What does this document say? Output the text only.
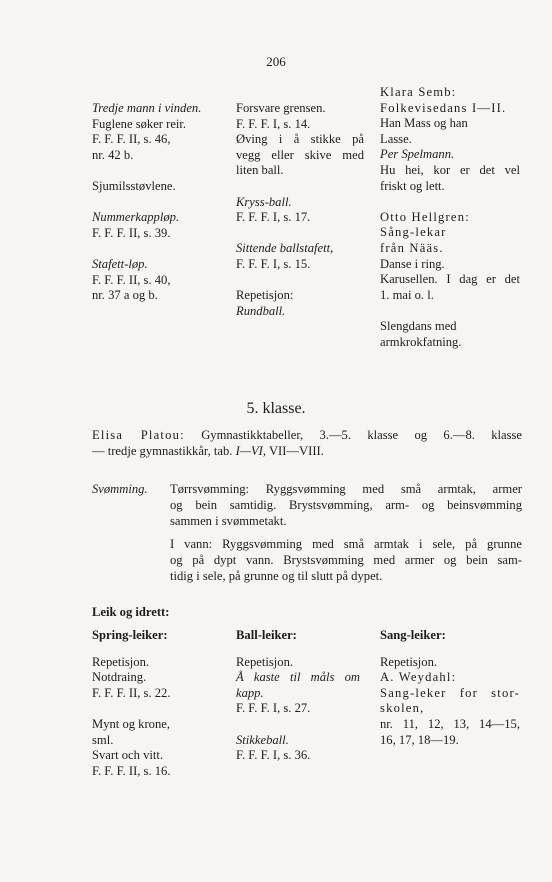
206
Tredje mann i vinden.
Fuglene søker reir.
F. F. F. II, s. 46,
nr. 42 b.
Sjumilsstøvlene.
Nummerkappløp.
F. F. F. II, s. 39.
Stafett-løp.
F. F. F. II, s. 40,
nr. 37 a og b.
Forsvare grensen.
F. F. F. I, s. 14.
Øving i å stikke på
vegg eller skive med
liten ball.
Kryss-ball.
F. F. F. I, s. 17.
Sittende ballstafett,
F. F. F. I, s. 15.
Repetisjon:
Rundball.
Klara Semb:
Folkevisedans I—II.
Han Mass og han
Lasse.
Per Spelmann.
Hu hei, kor er det vel
friskt og lett.
Otto Hellgren:
Sång-lekar
från Nääs.
Danse i ring.
Karusellen. I dag er det
1. mai o. l.
Slengdans med
armkrokfatning.
5. klasse.
Elisa Platou: Gymnastikktabeller, 3.—5. klasse og 6.—8. klasse
— tredje gymnastikkår, tab. I—VI, VII—VIII.
Svømming. Tørrsvømming: Ryggsvømming med små armtak, armer
og bein samtidig. Brystsvømming, arm- og beinsvømming
sammen i svømmetakt.
I vann: Ryggsvømming med små armtak i sele, på grunne
og på dypt vann. Brystsvømming med armer og bein sam-
tidig i sele, på grunne og til slutt på dypet.
Leik og idrett:
Spring-leiker:
Repetisjon.
Notdraing.
F. F. F. II, s. 22.
Mynt og krone,
sml.
Svart och vitt.
F. F. F. II, s. 16.
Ball-leiker:
Repetisjon.
Å kaste til måls om
kapp.
F. F. F. I, s. 27.
Stikkeball.
F. F. F. I, s. 36.
Sang-leiker:
Repetisjon.
A. Weydahl:
Sang-leker for stor-
skolen,
nr. 11, 12, 13, 14—15,
16, 17, 18—19.
